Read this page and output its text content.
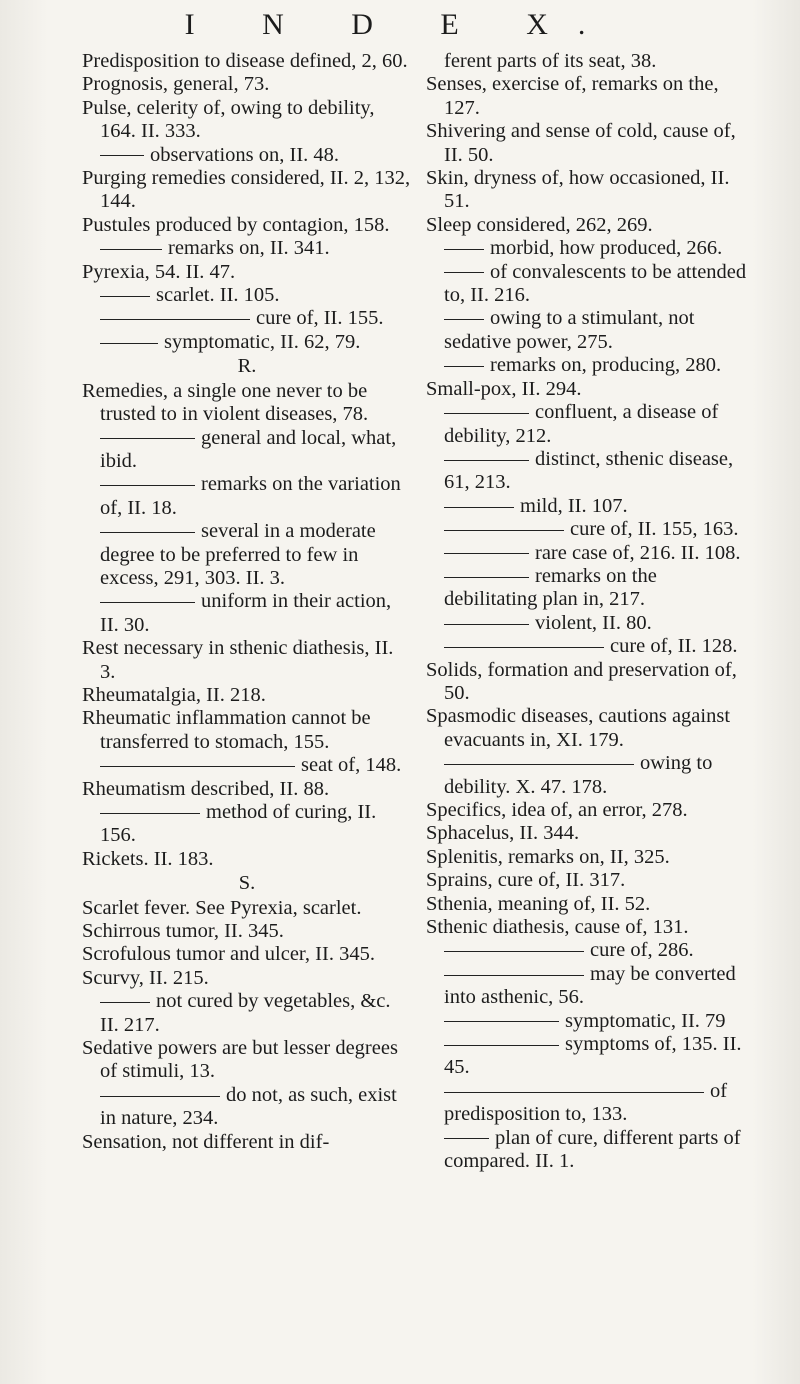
I N D E X.

Predisposition to disease defined, 2, 60.

Prognosis, general, 73.

Pulse, celerity of, owing to debility, 164. II. 333.

observations on, II. 48.

Purging remedies considered, II. 2, 132, 144.

Pustules produced by contagion, 158.

remarks on, II. 341.

Pyrexia, 54. II. 47.

scarlet. II. 105.

cure of, II. 155.

symptomatic, II. 62, 79.

R.

Remedies, a single one never to be trusted to in violent diseases, 78.

general and local, what, ibid.

remarks on the variation of, II. 18.

several in a moderate degree to be preferred to few in excess, 291, 303. II. 3.

uniform in their action, II. 30.

Rest necessary in sthenic diathesis, II. 3.

Rheumatalgia, II. 218.

Rheumatic inflammation cannot be transferred to stomach, 155.

seat of, 148.

Rheumatism described, II. 88.

method of curing, II. 156.

Rickets. II. 183.

S.

Scarlet fever. See Pyrexia, scarlet.

Schirrous tumor, II. 345.

Scrofulous tumor and ulcer, II. 345.

Scurvy, II. 215.

not cured by vegetables, &c. II. 217.

Sedative powers are but lesser degrees of stimuli, 13.

do not, as such, exist in nature, 234.

Sensation, not different in dif-

ferent parts of its seat, 38.

Senses, exercise of, remarks on the, 127.

Shivering and sense of cold, cause of, II. 50.

Skin, dryness of, how occasioned, II. 51.

Sleep considered, 262, 269.

morbid, how produced, 266.

of convalescents to be attended to, II. 216.

owing to a stimulant, not sedative power, 275.

remarks on, producing, 280.

Small-pox, II. 294.

confluent, a disease of debility, 212.

distinct, sthenic disease, 61, 213.

mild, II. 107.

cure of, II. 155, 163.

rare case of, 216. II. 108.

remarks on the debilitating plan in, 217.

violent, II. 80.

cure of, II. 128.

Solids, formation and preservation of, 50.

Spasmodic diseases, cautions against evacuants in, XI. 179.

owing to debility. X. 47. 178.

Specifics, idea of, an error, 278.

Sphacelus, II. 344.

Splenitis, remarks on, II, 325.

Sprains, cure of, II. 317.

Sthenia, meaning of, II. 52.

Sthenic diathesis, cause of, 131.

cure of, 286.

may be converted into asthenic, 56.

symptomatic, II. 79

symptoms of, 135. II. 45.

of predisposition to, 133.

plan of cure, different parts of compared. II. 1.
